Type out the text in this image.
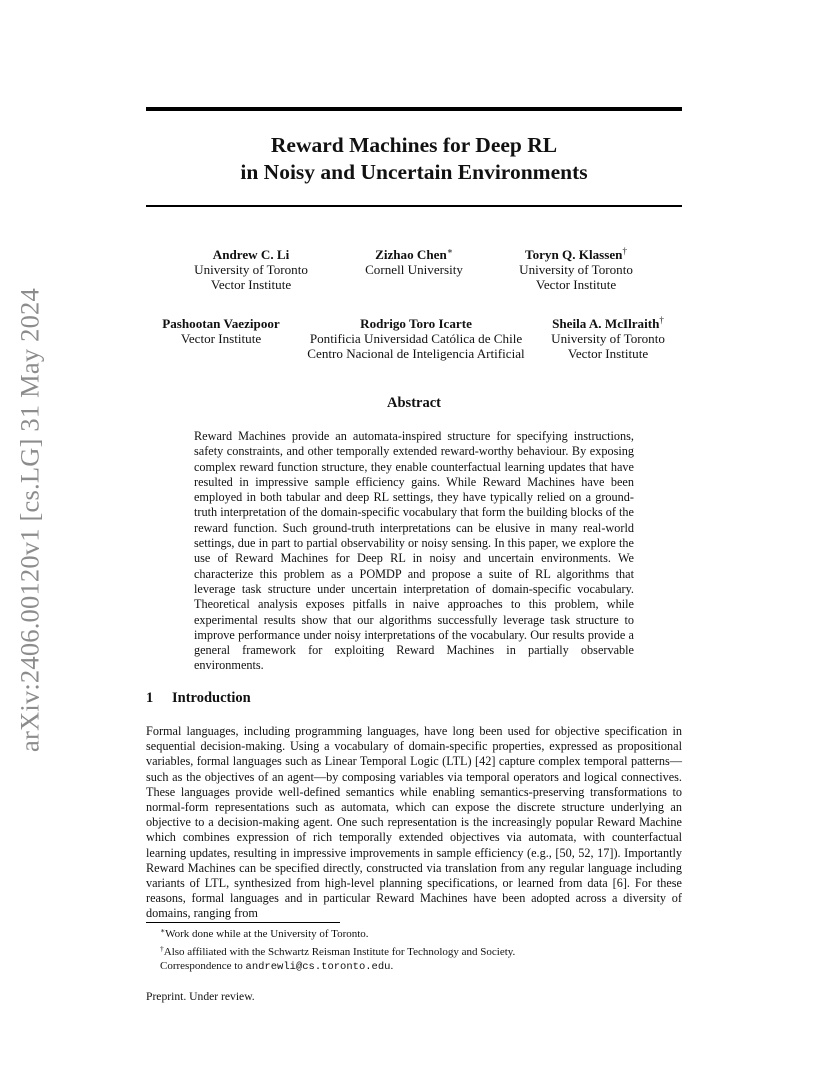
arXiv:2406.00120v1 [cs.LG] 31 May 2024
Reward Machines for Deep RL
in Noisy and Uncertain Environments
Andrew C. Li
University of Toronto
Vector Institute
Zizhao Chen∗
Cornell University
Toryn Q. Klassen†
University of Toronto
Vector Institute
Pashootan Vaezipoor
Vector Institute
Rodrigo Toro Icarte
Pontificia Universidad Católica de Chile
Centro Nacional de Inteligencia Artificial
Sheila A. McIlraith†
University of Toronto
Vector Institute
Abstract
Reward Machines provide an automata-inspired structure for specifying instructions, safety constraints, and other temporally extended reward-worthy behaviour. By exposing complex reward function structure, they enable counterfactual learning updates that have resulted in impressive sample efficiency gains. While Reward Machines have been employed in both tabular and deep RL settings, they have typically relied on a ground-truth interpretation of the domain-specific vocabulary that form the building blocks of the reward function. Such ground-truth interpretations can be elusive in many real-world settings, due in part to partial observability or noisy sensing. In this paper, we explore the use of Reward Machines for Deep RL in noisy and uncertain environments. We characterize this problem as a POMDP and propose a suite of RL algorithms that leverage task structure under uncertain interpretation of domain-specific vocabulary. Theoretical analysis exposes pitfalls in naive approaches to this problem, while experimental results show that our algorithms successfully leverage task structure to improve performance under noisy interpretations of the vocabulary. Our results provide a general framework for exploiting Reward Machines in partially observable environments.
1 Introduction
Formal languages, including programming languages, have long been used for objective specification in sequential decision-making. Using a vocabulary of domain-specific properties, expressed as propositional variables, formal languages such as Linear Temporal Logic (LTL) [42] capture complex temporal patterns—such as the objectives of an agent—by composing variables via temporal operators and logical connectives. These languages provide well-defined semantics while enabling semantics-preserving transformations to normal-form representations such as automata, which can expose the discrete structure underlying an objective to a decision-making agent. One such representation is the increasingly popular Reward Machine which combines expression of rich temporally extended objectives via automata, with counterfactual learning updates, resulting in impressive improvements in sample efficiency (e.g., [50, 52, 17]). Importantly Reward Machines can be specified directly, constructed via translation from any regular language including variants of LTL, synthesized from high-level planning specifications, or learned from data [6]. For these reasons, formal languages and in particular Reward Machines have been adopted across a diversity of domains, ranging from
∗Work done while at the University of Toronto.
†Also affiliated with the Schwartz Reisman Institute for Technology and Society.
Correspondence to andrewli@cs.toronto.edu.
Preprint. Under review.
